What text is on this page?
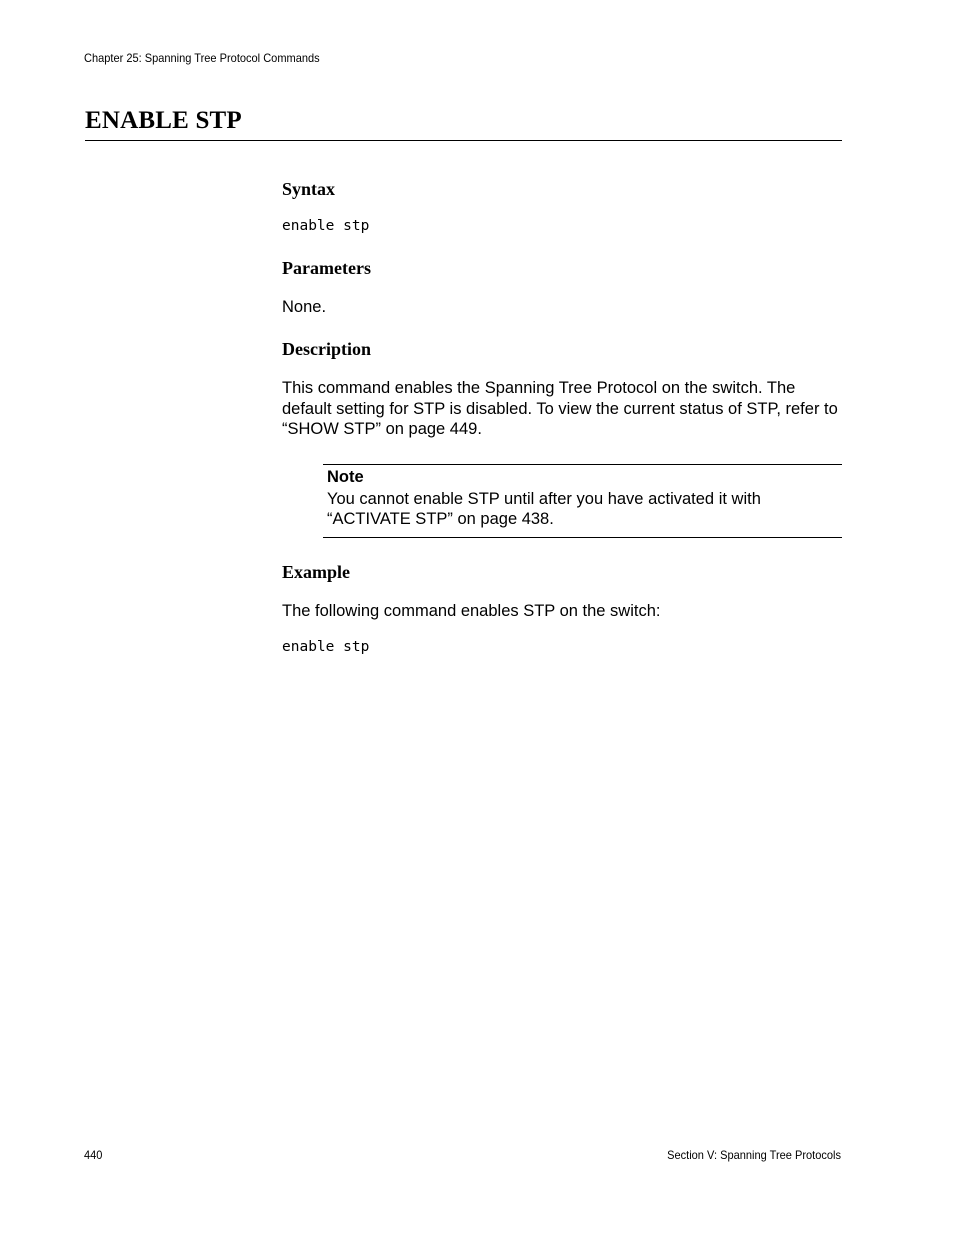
Chapter 25: Spanning Tree Protocol Commands
ENABLE STP
Syntax
enable stp
Parameters

None.

Description

This command enables the Spanning Tree Protocol on the switch. The default setting for STP is disabled. To view the current status of STP, refer to “SHOW STP” on page 449.

Note

You cannot enable STP until after you have activated it with “ACTIVATE STP” on page 438.

Example

The following command enables STP on the switch:

enable stp
440	Section V: Spanning Tree Protocols
